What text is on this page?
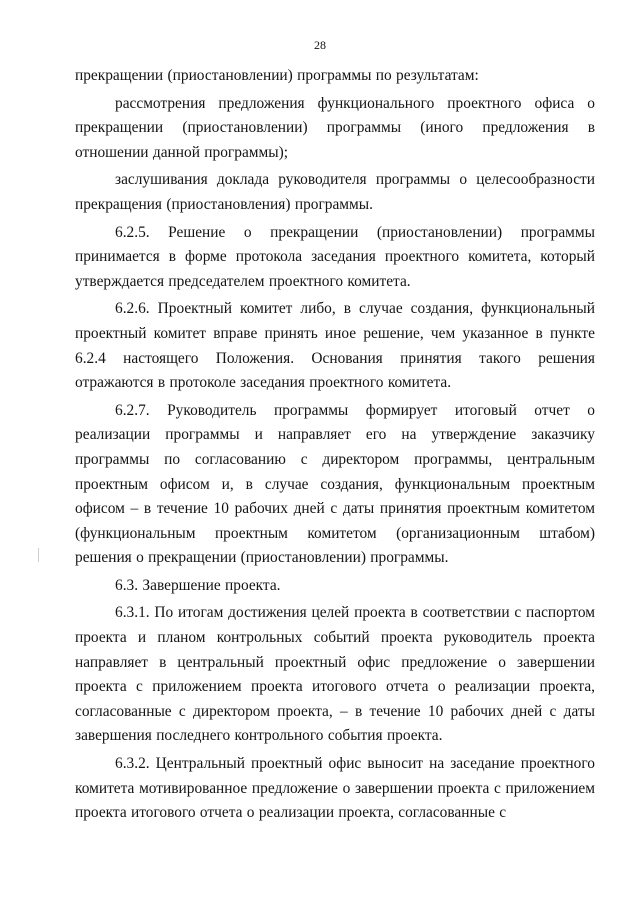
28

прекращении (приостановлении) программы по результатам:

рассмотрения предложения функционального проектного офиса о прекращении (приостановлении) программы (иного предложения в отношении данной программы);

заслушивания доклада руководителя программы о целесообразности прекращения (приостановления) программы.

6.2.5. Решение о прекращении (приостановлении) программы принимается в форме протокола заседания проектного комитета, который утверждается председателем проектного комитета.

6.2.6. Проектный комитет либо, в случае создания, функциональный проектный комитет вправе принять иное решение, чем указанное в пункте 6.2.4 настоящего Положения. Основания принятия такого решения отражаются в протоколе заседания проектного комитета.

6.2.7. Руководитель программы формирует итоговый отчет о реализации программы и направляет его на утверждение заказчику программы по согласованию с директором программы, центральным проектным офисом и, в случае создания, функциональным проектным офисом – в течение 10 рабочих дней с даты принятия проектным комитетом (функциональным проектным комитетом (организационным штабом) решения о прекращении (приостановлении) программы.

6.3. Завершение проекта.

6.3.1. По итогам достижения целей проекта в соответствии с паспортом проекта и планом контрольных событий проекта руководитель проекта направляет в центральный проектный офис предложение о завершении проекта с приложением проекта итогового отчета о реализации проекта, согласованные с директором проекта, – в течение 10 рабочих дней с даты завершения последнего контрольного события проекта.

6.3.2. Центральный проектный офис выносит на заседание проектного комитета мотивированное предложение о завершении проекта с приложением проекта итогового отчета о реализации проекта, согласованные с
